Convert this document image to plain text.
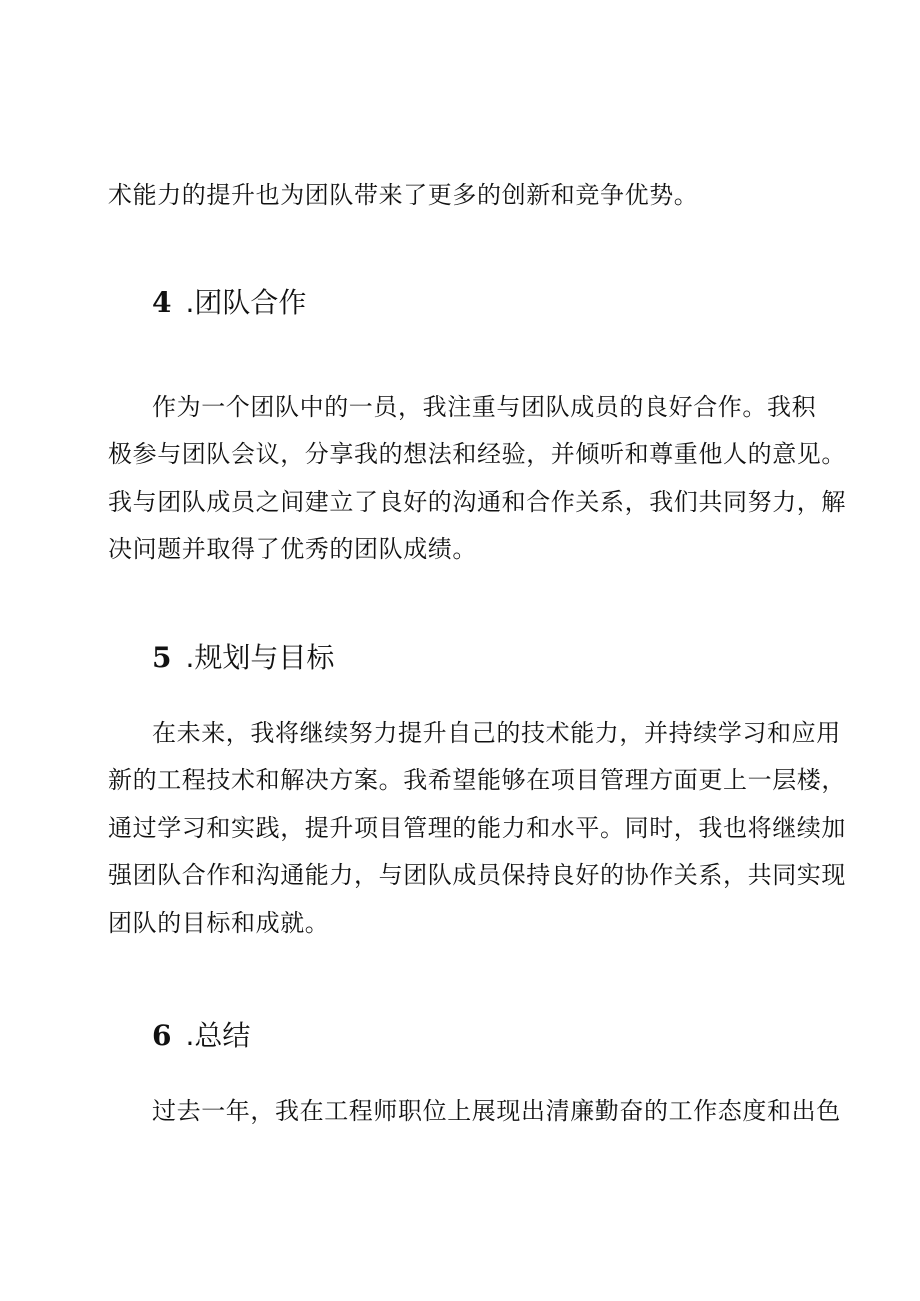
术能力的提升也为团队带来了更多的创新和竞争优势。
4 .团队合作
作为一个团队中的一员，我注重与团队成员的良好合作。我积
极参与团队会议，分享我的想法和经验，并倾听和尊重他人的意见。
我与团队成员之间建立了良好的沟通和合作关系，我们共同努力，解
决问题并取得了优秀的团队成绩。
5 .规划与目标
在未来，我将继续努力提升自己的技术能力，并持续学习和应用
新的工程技术和解决方案。我希望能够在项目管理方面更上一层楼，
通过学习和实践，提升项目管理的能力和水平。同时，我也将继续加
强团队合作和沟通能力，与团队成员保持良好的协作关系，共同实现
团队的目标和成就。
6 .总结
过去一年，我在工程师职位上展现出清廉勤奋的工作态度和出色
